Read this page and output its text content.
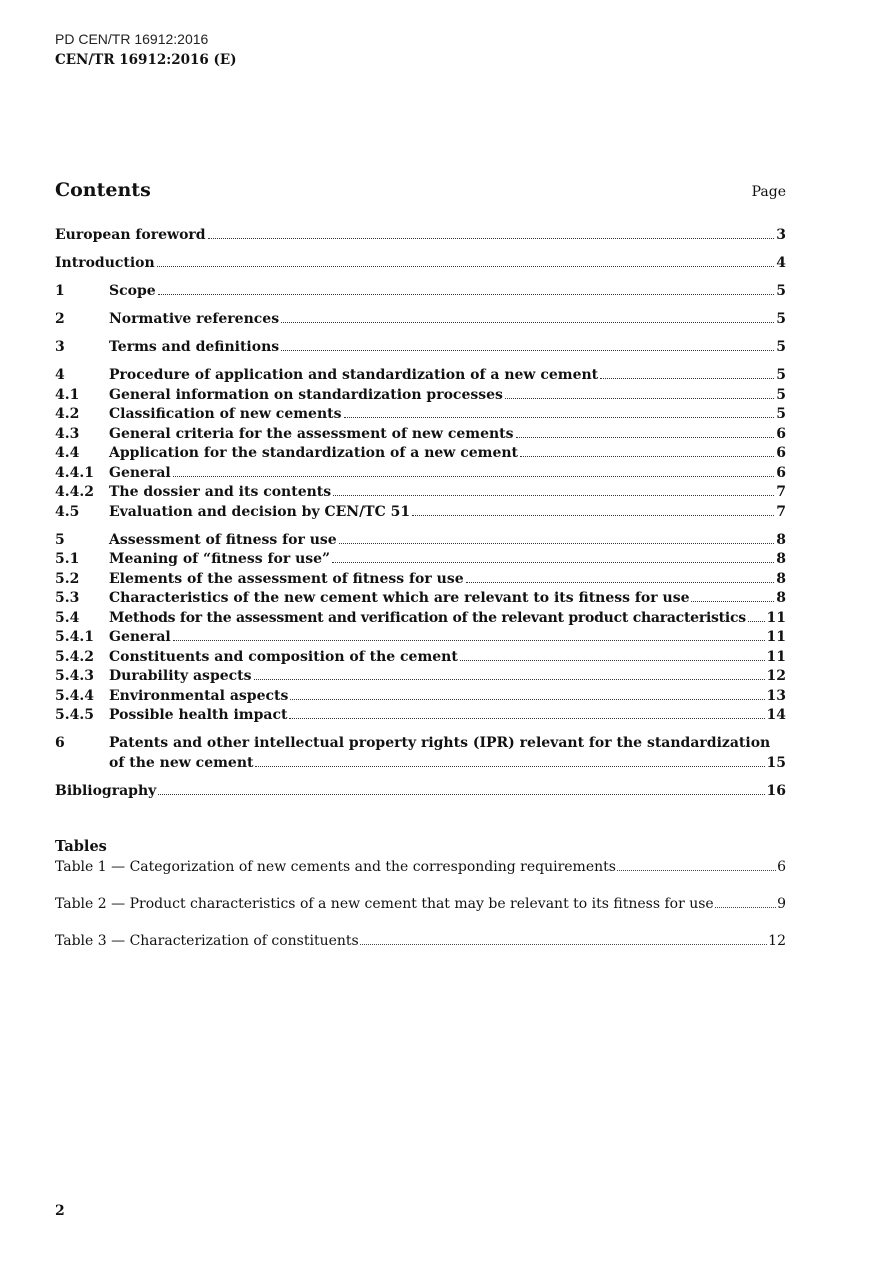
PD CEN/TR 16912:2016
CEN/TR 16912:2016 (E)
Contents	Page
European foreword	3
Introduction	4
1	Scope	5
2	Normative references	5
3	Terms and definitions	5
4	Procedure of application and standardization of a new cement	5
4.1	General information on standardization processes	5
4.2	Classification of new cements	5
4.3	General criteria for the assessment of new cements	6
4.4	Application for the standardization of a new cement	6
4.4.1	General	6
4.4.2	The dossier and its contents	7
4.5	Evaluation and decision by CEN/TC 51	7
5	Assessment of fitness for use	8
5.1	Meaning of “fitness for use”	8
5.2	Elements of the assessment of fitness for use	8
5.3	Characteristics of the new cement which are relevant to its fitness for use	8
5.4	Methods for the assessment and verification of the relevant product characteristics 11
5.4.1	General	11
5.4.2	Constituents and composition of the cement	11
5.4.3	Durability aspects	12
5.4.4	Environmental aspects	13
5.4.5	Possible health impact	14
6	Patents and other intellectual property rights (IPR) relevant for the standardization
of the new cement	15
Bibliography	16
Tables
Table 1 — Categorization of new cements and the corresponding requirements	6
Table 2 — Product characteristics of a new cement that may be relevant to its fitness for use	9
Table 3 — Characterization of constituents	12
2
